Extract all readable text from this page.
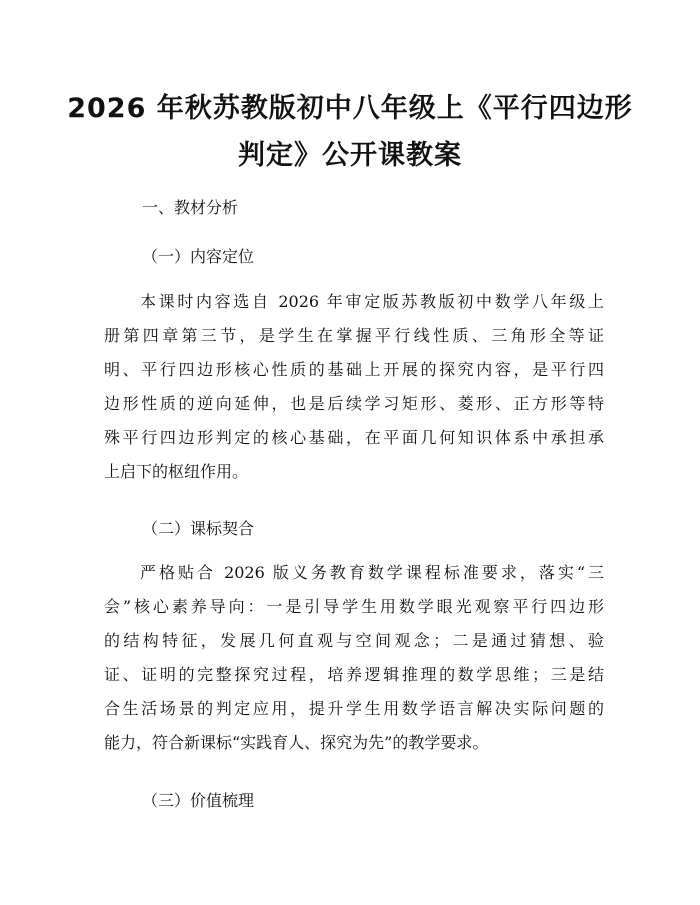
2026 年秋苏教版初中八年级上《平行四边形
判定》公开课教案
一、教材分析
（一）内容定位
本课时内容选自 2026 年审定版苏教版初中数学八年级上
册第四章第三节，是学生在掌握平行线性质、三角形全等证
明、平行四边形核心性质的基础上开展的探究内容，是平行四
边形性质的逆向延伸，也是后续学习矩形、菱形、正方形等特
殊平行四边形判定的核心基础，在平面几何知识体系中承担承
上启下的枢纽作用。
（二）课标契合
严格贴合 2026 版义务教育数学课程标准要求，落实“三
会”核心素养导向：一是引导学生用数学眼光观察平行四边形
的结构特征，发展几何直观与空间观念；二是通过猜想、验
证、证明的完整探究过程，培养逻辑推理的数学思维；三是结
合生活场景的判定应用，提升学生用数学语言解决实际问题的
能力，符合新课标“实践育人、探究为先”的教学要求。
（三）价值梳理
